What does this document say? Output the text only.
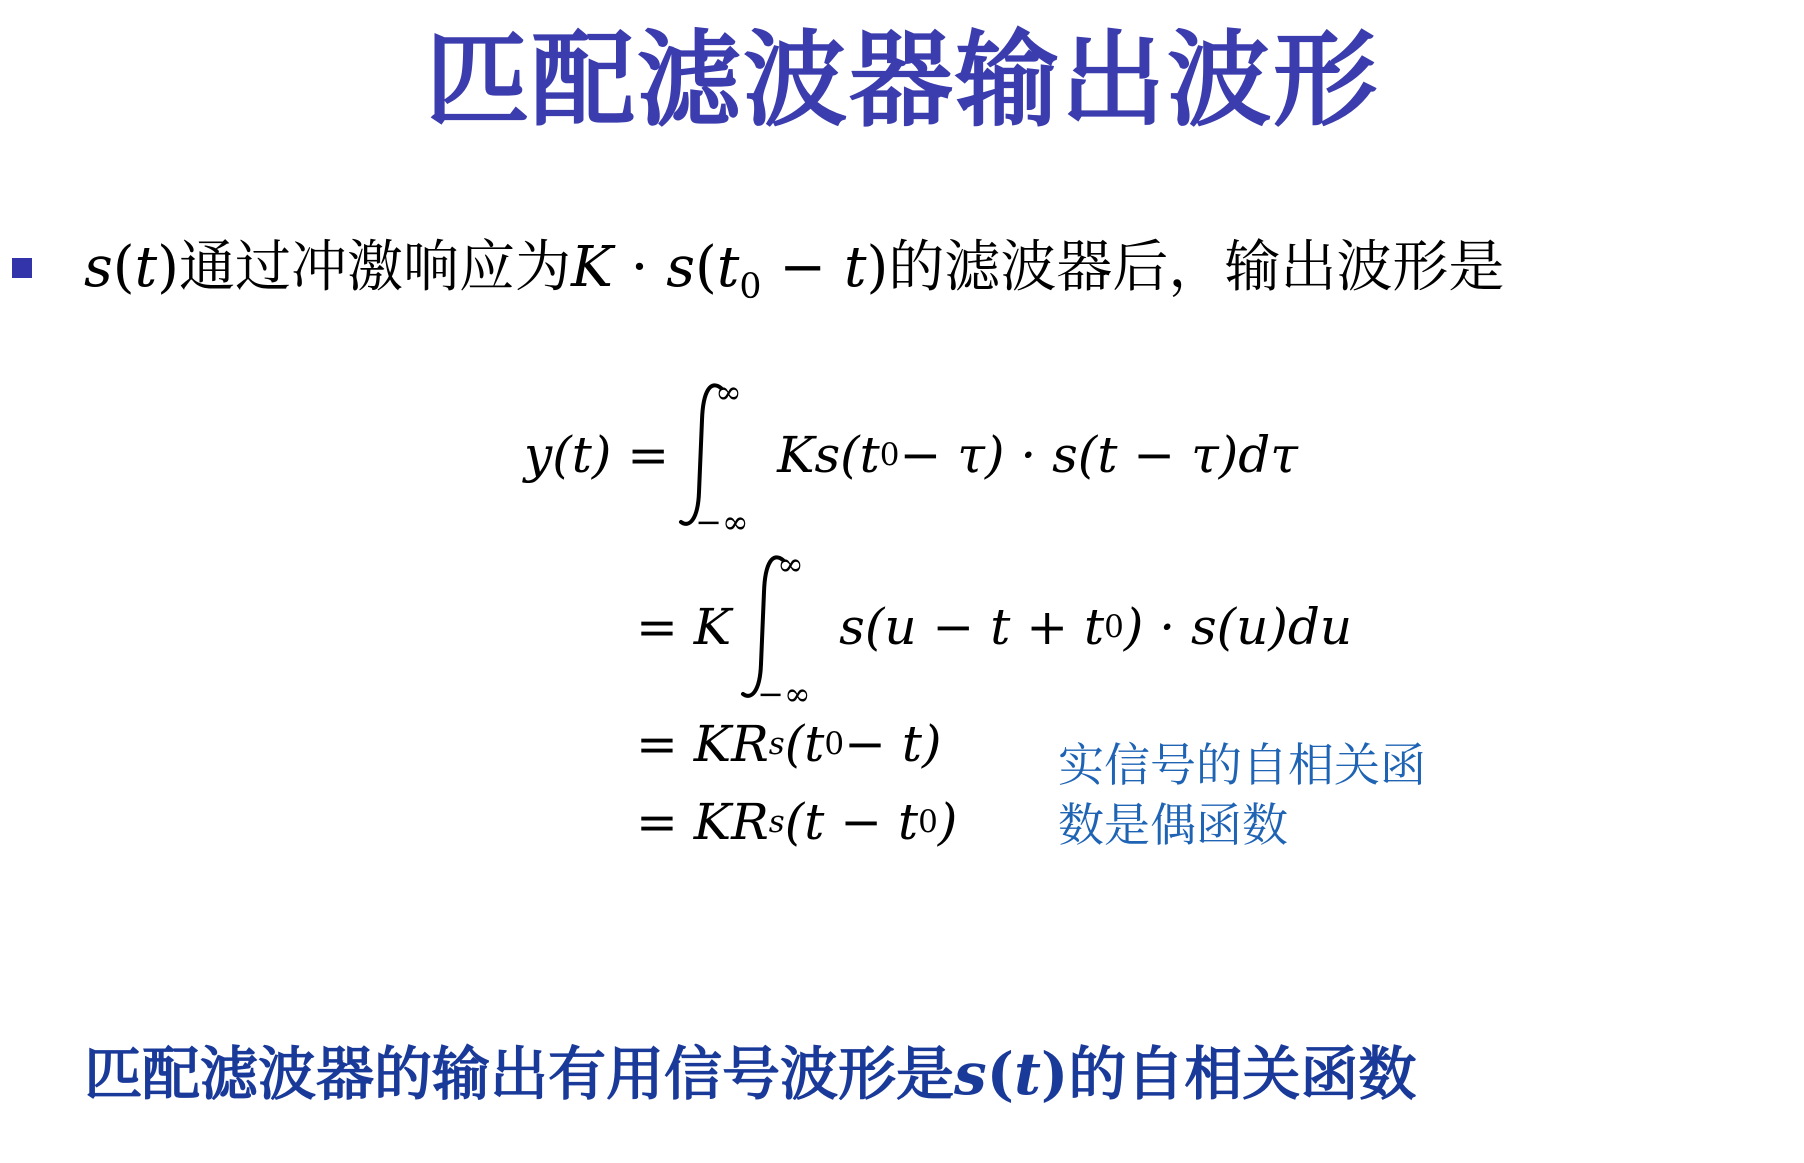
匹配滤波器输出波形
s(t)通过冲激响应为$K \cdot s(t_0 - t)$的滤波器后，输出波形是
y(t) =
∞
−∞
Ks(t 0 − τ) · s(t − τ)dτ
= K
∞
−∞
s(u − t + t 0 ) · s(u)du
= KR s (t 0 − t)
= KR s (t − t 0 )
实信号的自相关函
数是偶函数
匹配滤波器的输出有用信号波形是s(t)的自相关函数
